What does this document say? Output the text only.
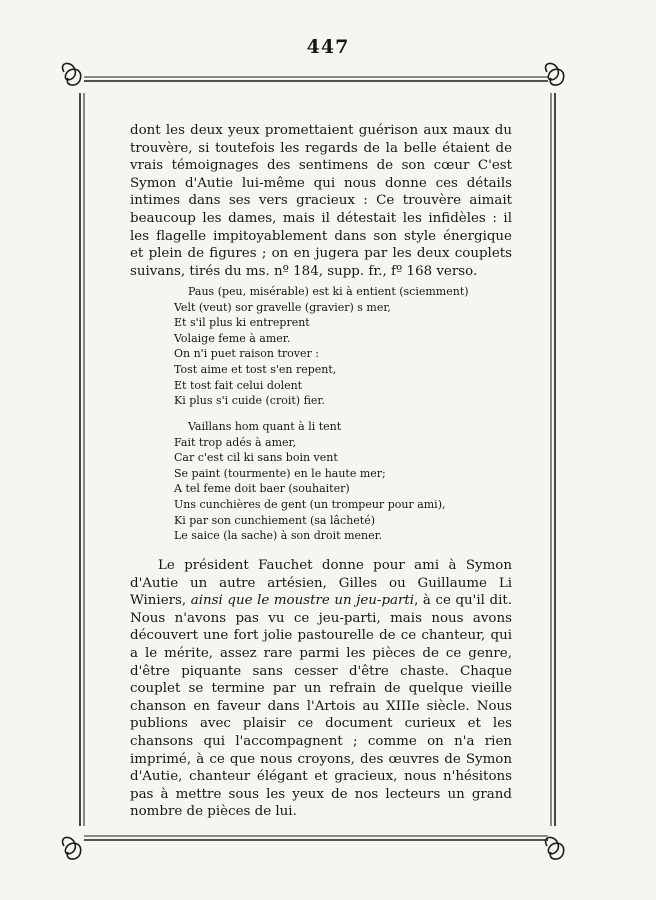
447

dont les deux yeux promettaient guérison aux maux du trouvère, si toutefois les regards de la belle étaient de vrais témoignages des sentimens de son cœur C'est Symon d'Autie lui-même qui nous donne ces détails intimes dans ses vers gracieux : Ce trouvère aimait beaucoup les dames, mais il détestait les infidèles : il les flagelle impitoyablement dans son style énergique et plein de figures ; on en jugera par les deux couplets suivans, tirés du ms. nº 184, supp. fr., fº 168 verso.

Paus (peu, misérable) est ki à entient (sciemment)
Velt (veut) sor gravelle (gravier) s mer,
Et s'il plus ki entreprent
Volaige feme à amer.
On n'i puet raison trover :
Tost aime et tost s'en repent,
Et tost fait celui dolent
Ki plus s'i cuide (croit) fier.
Vaillans hom quant à li tent
Fait trop adés à amer,
Car c'est cil ki sans boin vent
Se paint (tourmente) en le haute mer;
A tel feme doit baer (souhaiter)
Uns cunchières de gent (un trompeur pour ami),
Ki par son cunchiement (sa lâcheté)
Le saice (la sache) à son droit mener.

Le président Fauchet donne pour ami à Symon d'Autie un autre artésien, Gilles ou Guillaume Li Winiers, ainsi que le moustre un jeu-parti, à ce qu'il dit. Nous n'avons pas vu ce jeu-parti, mais nous avons découvert une fort jolie pastourelle de ce chanteur, qui a le mérite, assez rare parmi les pièces de ce genre, d'être piquante sans cesser d'être chaste. Chaque couplet se termine par un refrain de quelque vieille chanson en faveur dans l'Artois au XIIIe siècle. Nous publions avec plaisir ce document curieux et les chansons qui l'accompagnent ; comme on n'a rien imprimé, à ce que nous croyons, des œuvres de Symon d'Autie, chanteur élégant et gracieux, nous n'hésitons pas à mettre sous les yeux de nos lecteurs un grand nombre de pièces de lui.
